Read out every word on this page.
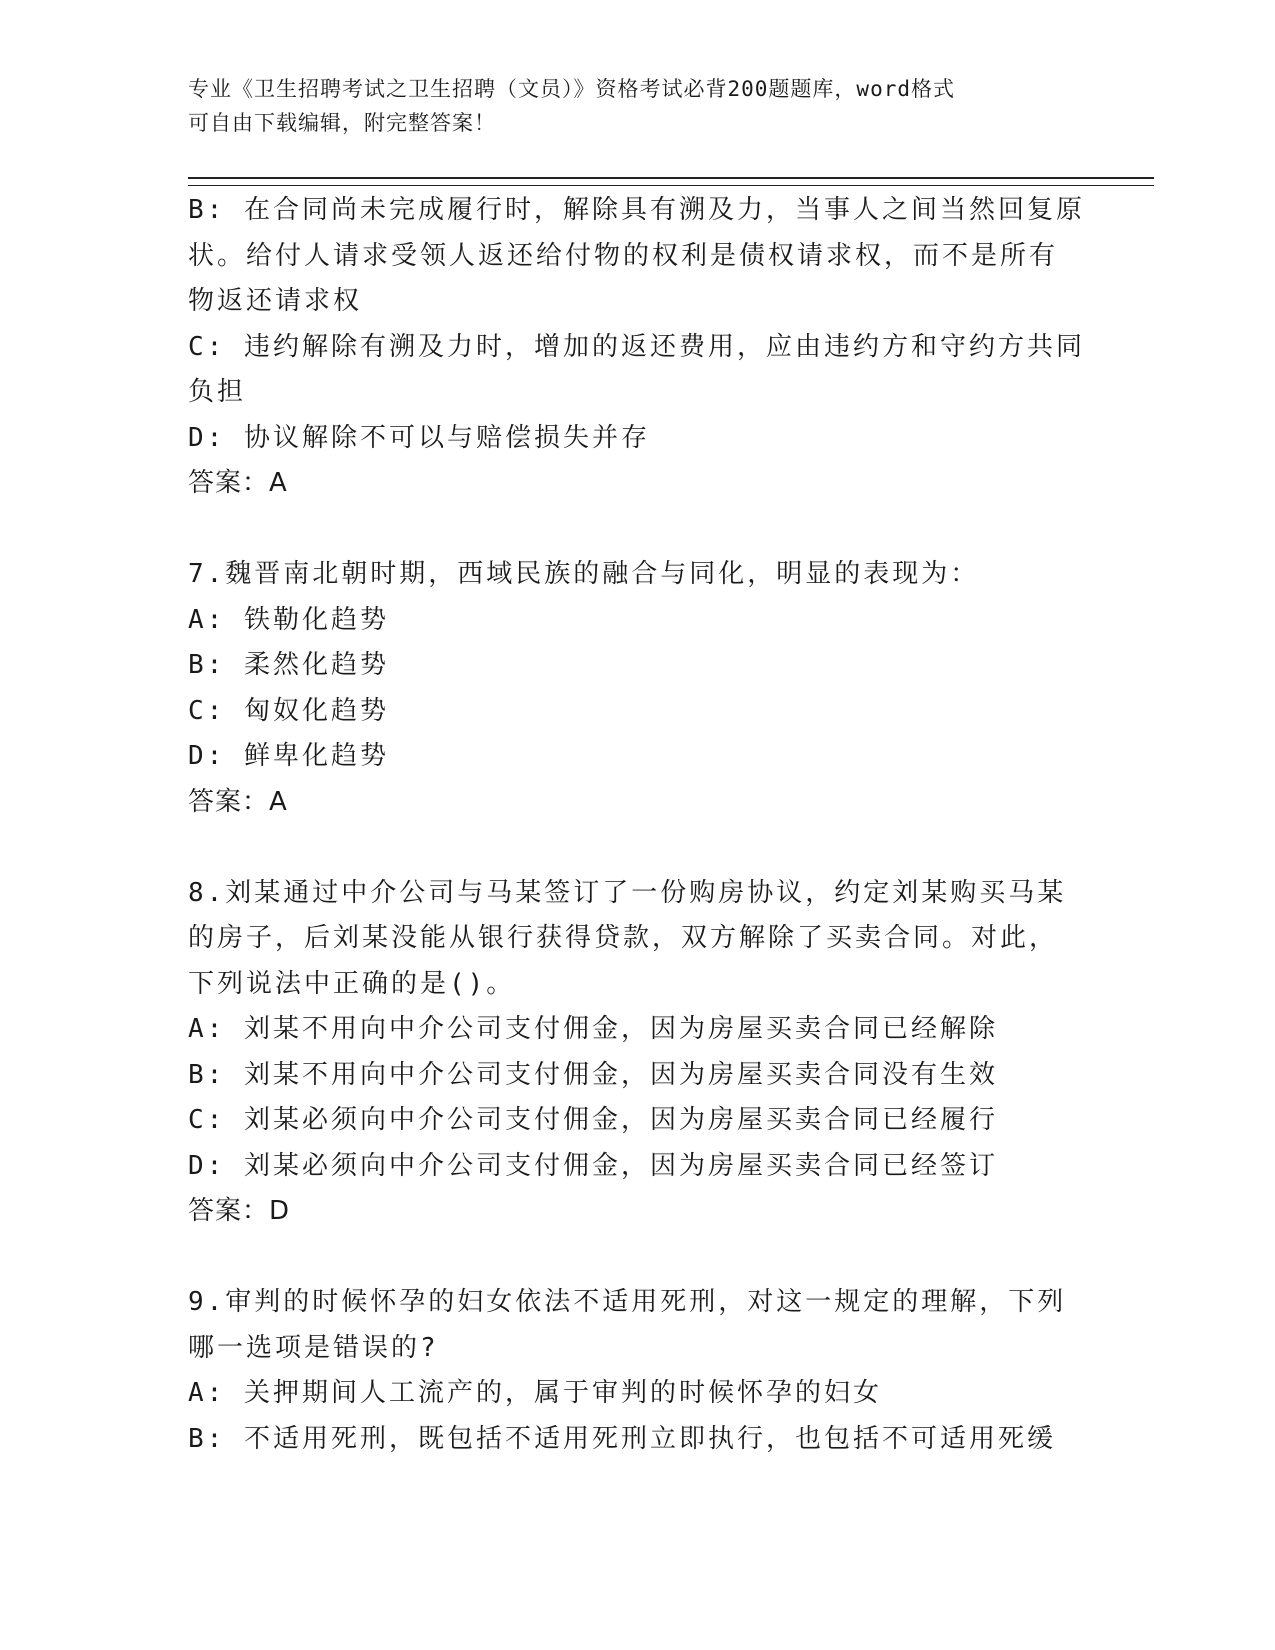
专业《卫生招聘考试之卫生招聘（文员）》资格考试必背200题题库，word格式
可自由下载编辑，附完整答案！
B: 在合同尚未完成履行时，解除具有溯及力，当事人之间当然回复原
状。给付人请求受领人返还给付物的权利是债权请求权，而不是所有
物返还请求权
C: 违约解除有溯及力时，增加的返还费用，应由违约方和守约方共同
负担
D: 协议解除不可以与赔偿损失并存
答案：A
7.魏晋南北朝时期，西域民族的融合与同化，明显的表现为：
A: 铁勒化趋势
B: 柔然化趋势
C: 匈奴化趋势
D: 鲜卑化趋势
答案：A
8.刘某通过中介公司与马某签订了一份购房协议，约定刘某购买马某
的房子，后刘某没能从银行获得贷款，双方解除了买卖合同。对此，
下列说法中正确的是()。
A: 刘某不用向中介公司支付佣金，因为房屋买卖合同已经解除
B: 刘某不用向中介公司支付佣金，因为房屋买卖合同没有生效
C: 刘某必须向中介公司支付佣金，因为房屋买卖合同已经履行
D: 刘某必须向中介公司支付佣金，因为房屋买卖合同已经签订
答案：D
9.审判的时候怀孕的妇女依法不适用死刑，对这一规定的理解，下列
哪一选项是错误的?
A: 关押期间人工流产的，属于审判的时候怀孕的妇女
B: 不适用死刑，既包括不适用死刑立即执行，也包括不可适用死缓
